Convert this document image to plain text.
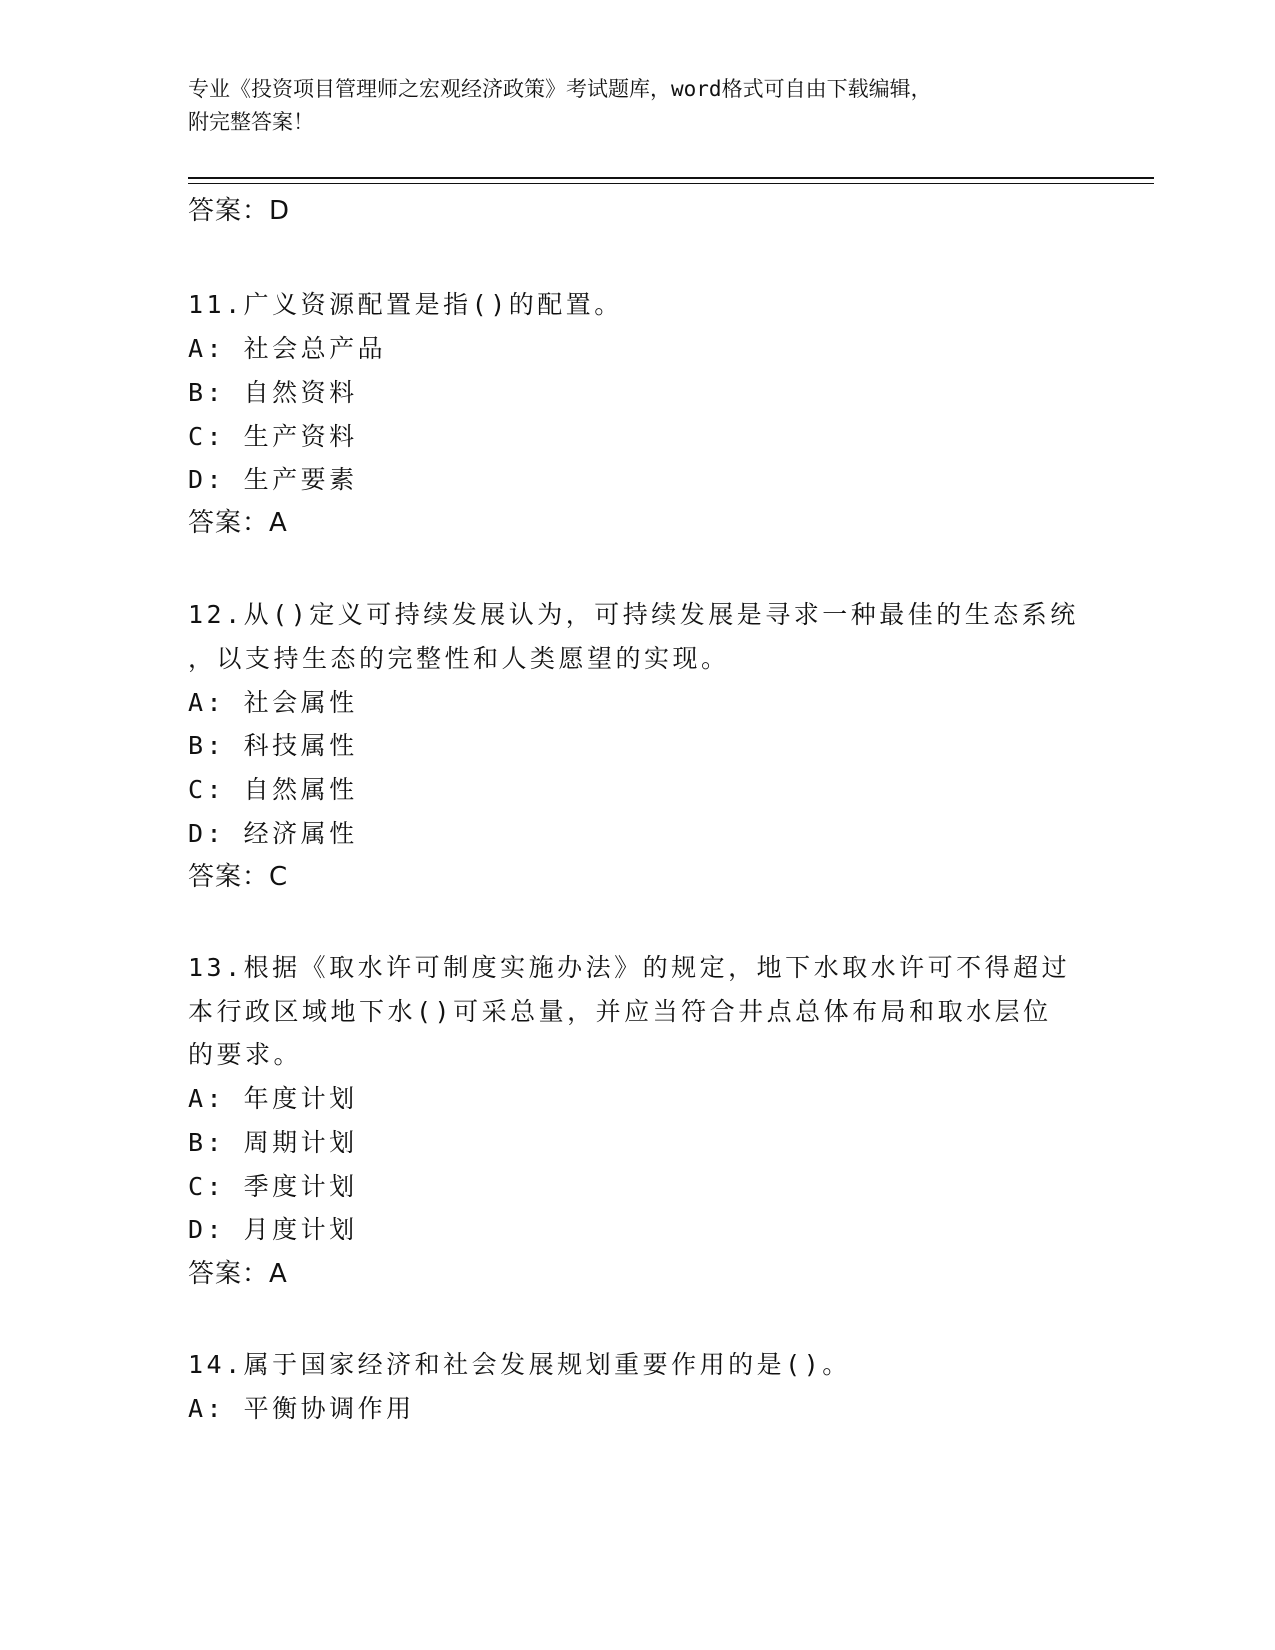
专业《投资项目管理师之宏观经济政策》考试题库，word格式可自由下载编辑，
附完整答案！
答案：D
11.广义资源配置是指()的配置。
A: 社会总产品
B: 自然资料
C: 生产资料
D: 生产要素
答案：A
12.从()定义可持续发展认为，可持续发展是寻求一种最佳的生态系统
，以支持生态的完整性和人类愿望的实现。
A: 社会属性
B: 科技属性
C: 自然属性
D: 经济属性
答案：C
13.根据《取水许可制度实施办法》的规定，地下水取水许可不得超过
本行政区域地下水()可采总量，并应当符合井点总体布局和取水层位
的要求。
A: 年度计划
B: 周期计划
C: 季度计划
D: 月度计划
答案：A
14.属于国家经济和社会发展规划重要作用的是()。
A: 平衡协调作用
